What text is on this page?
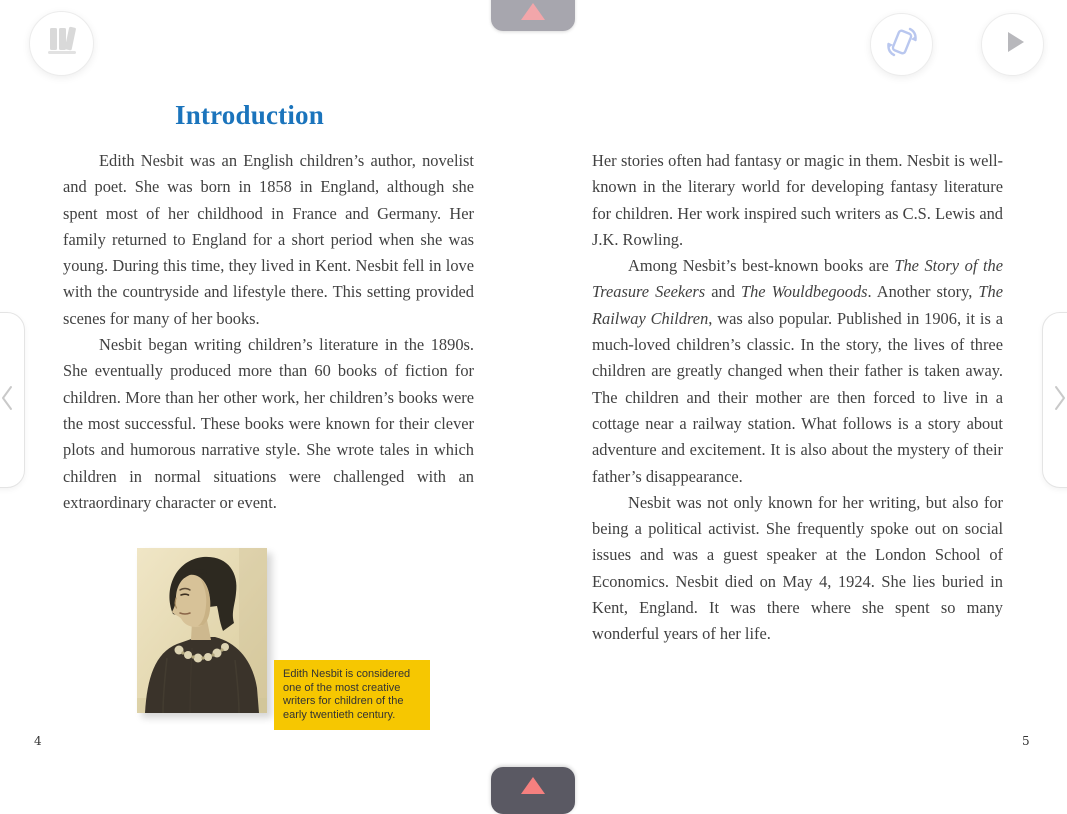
Introduction

Edith Nesbit was an English children’s author, novelist and poet. She was born in 1858 in England, although she spent most of her childhood in France and Germany. Her family returned to England for a short period when she was young. During this time, they lived in Kent. Nesbit fell in love with the countryside and lifestyle there. This setting provided scenes for many of her books.

Nesbit began writing children’s literature in the 1890s. She eventually produced more than 60 books of fiction for children. More than her other work, her children’s books were the most successful. These books were known for their clever plots and humorous narrative style. She wrote tales in which children in normal situations were challenged with an extraordinary character or event.

Her stories often had fantasy or magic in them. Nesbit is well-known in the literary world for developing fantasy literature for children. Her work inspired such writers as C.S. Lewis and J.K. Rowling.

Among Nesbit’s best-known books are The Story of the Treasure Seekers and The Wouldbegoods. Another story, The Railway Children, was also popular. Published in 1906, it is a much-loved children’s classic. In the story, the lives of three children are greatly changed when their father is taken away. The children and their mother are then forced to live in a cottage near a railway station. What follows is a story about adventure and excitement. It is also about the mystery of their father’s disappearance.

Nesbit was not only known for her writing, but also for being a political activist. She frequently spoke out on social issues and was a guest speaker at the London School of Economics. Nesbit died on May 4, 1924. She lies buried in Kent, England. It was there where she spent so many wonderful years of her life.

Edith Nesbit is considered one of the most creative writers for children of the early twentieth century.
4	5
